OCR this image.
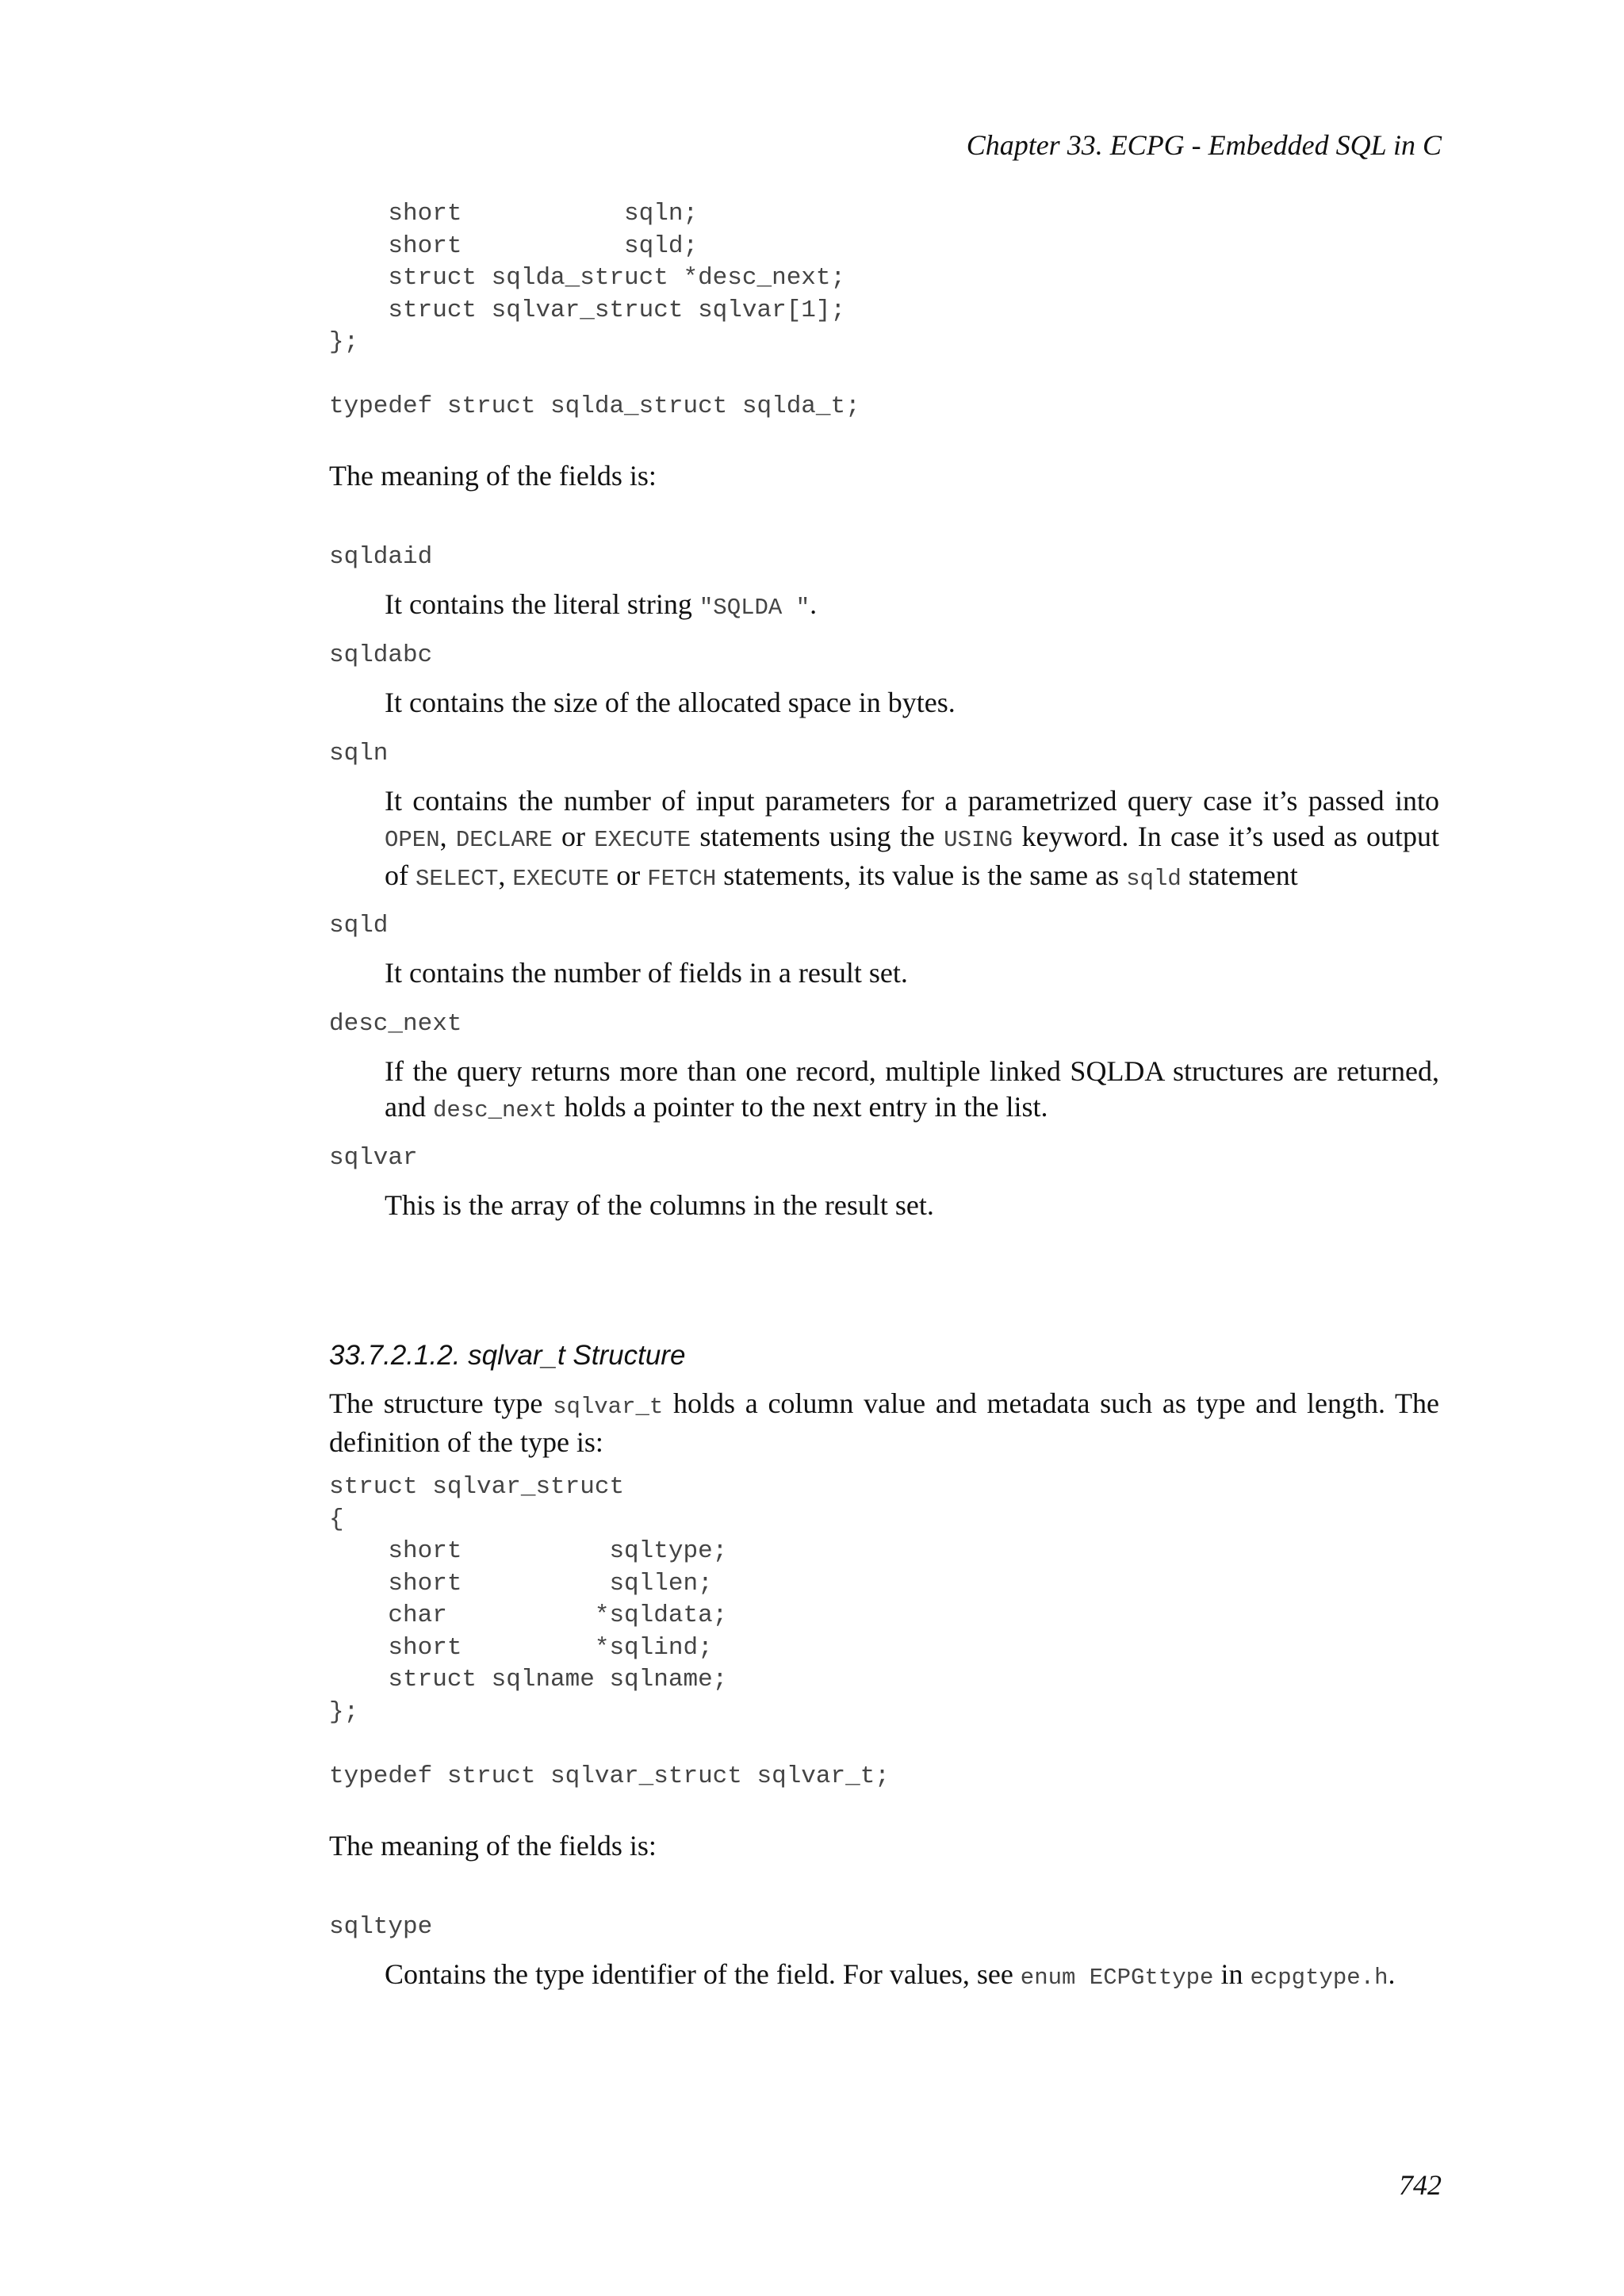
Chapter 33. ECPG - Embedded SQL in C
short           sqln;
short           sqld;
struct sqlda_struct *desc_next;
struct sqlvar_struct sqlvar[1];
};

typedef struct sqlda_struct sqlda_t;

The meaning of the fields is:

sqldaid
It contains the literal string "SQLDA ".
sqldabc
It contains the size of the allocated space in bytes.
sqln
It contains the number of input parameters for a parametrized query case it’s passed into OPEN, DECLARE or EXECUTE statements using the USING keyword. In case it’s used as output of SELECT, EXECUTE or FETCH statements, its value is the same as sqld statement
sqld
It contains the number of fields in a result set.
desc_next
If the query returns more than one record, multiple linked SQLDA structures are returned, and desc_next holds a pointer to the next entry in the list.
sqlvar
This is the array of the columns in the result set.
33.7.2.1.2. sqlvar_t Structure

The structure type sqlvar_t holds a column value and metadata such as type and length. The definition of the type is:

struct sqlvar_struct
{
short          sqltype;
short          sqllen;
char          *sqldata;
short         *sqlind;
struct sqlname sqlname;
};

typedef struct sqlvar_struct sqlvar_t;

The meaning of the fields is:

sqltype
Contains the type identifier of the field. For values, see enum ECPGttype in ecpgtype.h.
742
